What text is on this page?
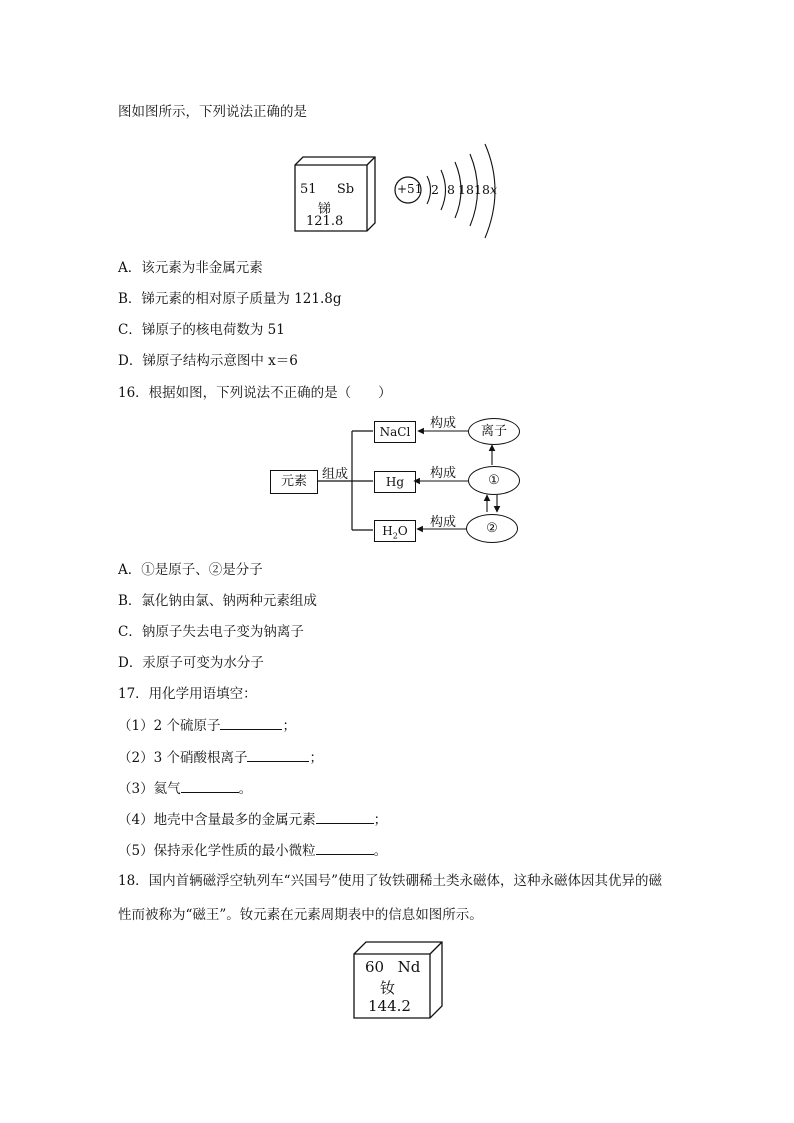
图如图所示，下列说法正确的是
51 Sb
锑
121.8
+51 2 8 18 18 x
A．该元素为非金属元素
B．锑元素的相对原子质量为 121.8g
C．锑原子的核电荷数为 51
D．锑原子结构示意图中 x＝6
16．根据如图，下列说法不正确的是（　　）
元素	组成
NaCl
Hg
$H_2O$
构成
构成
构成
离子
①
②
A．①是原子、②是分子
B．氯化钠由氯、钠两种元素组成
C．钠原子失去电子变为钠离子
D．汞原子可变为水分子
17．用化学用语填空：
（1）2 个硫原子	；
（2）3 个硝酸根离子	；
（3）氦气	。
（4）地壳中含量最多的金属元素	；
（5）保持汞化学性质的最小微粒	。
18．国内首辆磁浮空轨列车“兴国号”使用了钕铁硼稀土类永磁体，这种永磁体因其优异的磁
性而被称为“磁王”。钕元素在元素周期表中的信息如图所示。
60 Nd
钕
144.2
